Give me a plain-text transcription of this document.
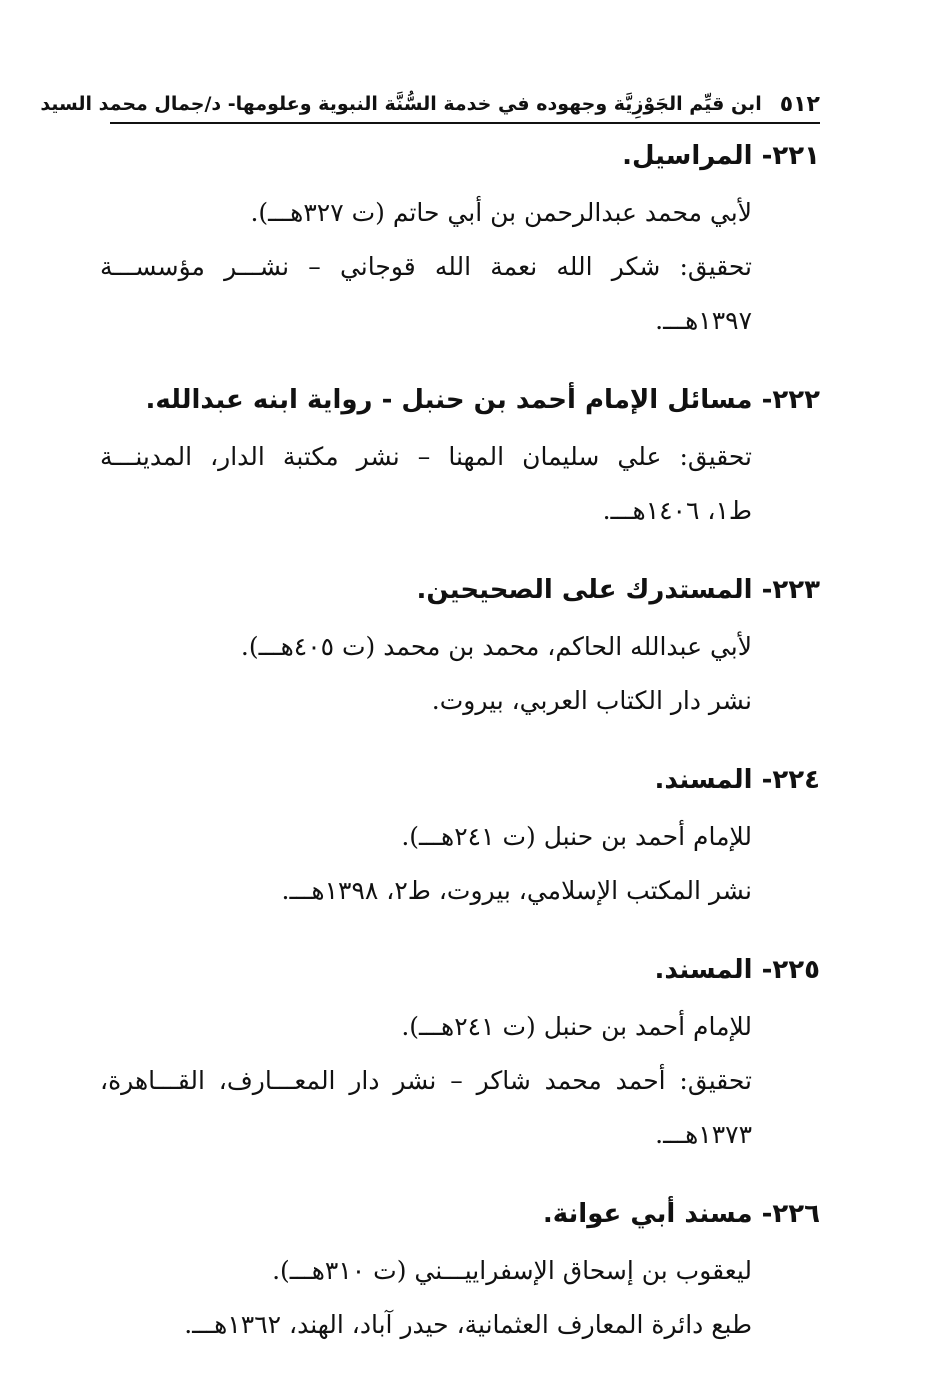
٥١٢
ابن قيِّم الجَوْزِيَّة وجهوده في خدمة السُّنَّة النبوية وعلومها- د/جمال محمد السيد
٢٢١- المراسيل.
لأبي محمد عبدالرحمن بن أبي حاتم (ت ٣٢٧هـــ).
تحقيق: شكر الله نعمة الله قوجاني – نشـــر مؤسســـة
١٣٩٧هـــ.
٢٢٢- مسائل الإمام أحمد بن حنبل - رواية ابنه عبدالله.
تحقيق: علي سليمان المهنا – نشر مكتبة الدار، المدينـــة
ط١، ١٤٠٦هـــ.
٢٢٣- المستدرك على الصحيحين.
لأبي عبدالله الحاكم، محمد بن محمد (ت ٤٠٥هـــ).
نشر دار الكتاب العربي، بيروت.
٢٢٤- المسند.
للإمام أحمد بن حنبل (ت ٢٤١هـــ).
نشر المكتب الإسلامي، بيروت، ط٢، ١٣٩٨هـــ.
٢٢٥- المسند.
للإمام أحمد بن حنبل (ت ٢٤١هـــ).
تحقيق: أحمد محمد شاكر – نشر دار المعـــارف، القـــاهرة،
١٣٧٣هـــ.
٢٢٦- مسند أبي عوانة.
ليعقوب بن إسحاق الإسفراييـــني (ت ٣١٠هـــ).
طبع دائرة المعارف العثمانية، حيدر آباد، الهند، ١٣٦٢هـــ.
